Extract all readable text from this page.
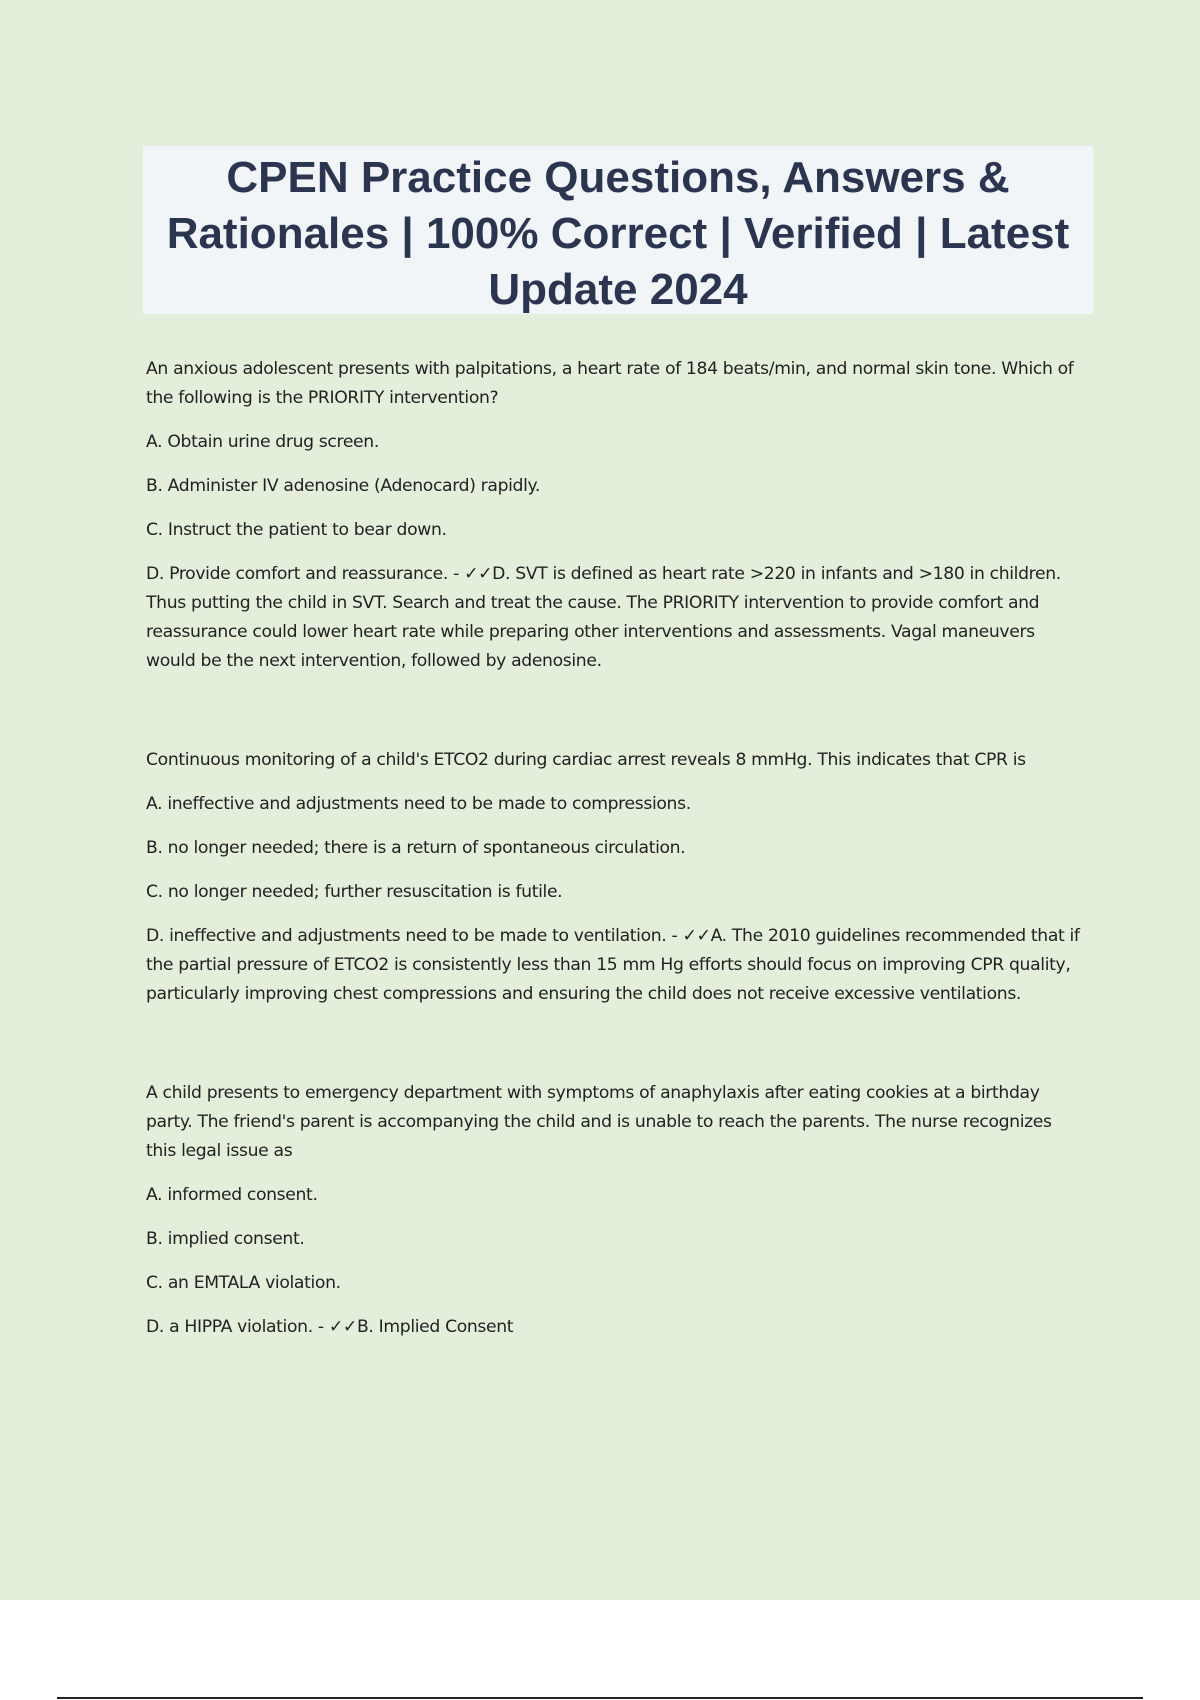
CPEN Practice Questions, Answers & Rationales | 100% Correct | Verified | Latest Update 2024

An anxious adolescent presents with palpitations, a heart rate of 184 beats/min, and normal skin tone. Which of the following is the PRIORITY intervention?

A. Obtain urine drug screen.

B. Administer IV adenosine (Adenocard) rapidly.

C. Instruct the patient to bear down.

D. Provide comfort and reassurance. - ✓✓D. SVT is defined as heart rate >220 in infants and >180 in children. Thus putting the child in SVT. Search and treat the cause. The PRIORITY intervention to provide comfort and reassurance could lower heart rate while preparing other interventions and assessments. Vagal maneuvers would be the next intervention, followed by adenosine.

Continuous monitoring of a child's ETCO2 during cardiac arrest reveals 8 mmHg. This indicates that CPR is

A. ineffective and adjustments need to be made to compressions.

B. no longer needed; there is a return of spontaneous circulation.

C. no longer needed; further resuscitation is futile.

D. ineffective and adjustments need to be made to ventilation. - ✓✓A. The 2010 guidelines recommended that if the partial pressure of ETCO2 is consistently less than 15 mm Hg efforts should focus on improving CPR quality, particularly improving chest compressions and ensuring the child does not receive excessive ventilations.

A child presents to emergency department with symptoms of anaphylaxis after eating cookies at a birthday party. The friend's parent is accompanying the child and is unable to reach the parents. The nurse recognizes this legal issue as

A. informed consent.

B. implied consent.

C. an EMTALA violation.

D. a HIPPA violation. - ✓✓B. Implied Consent
